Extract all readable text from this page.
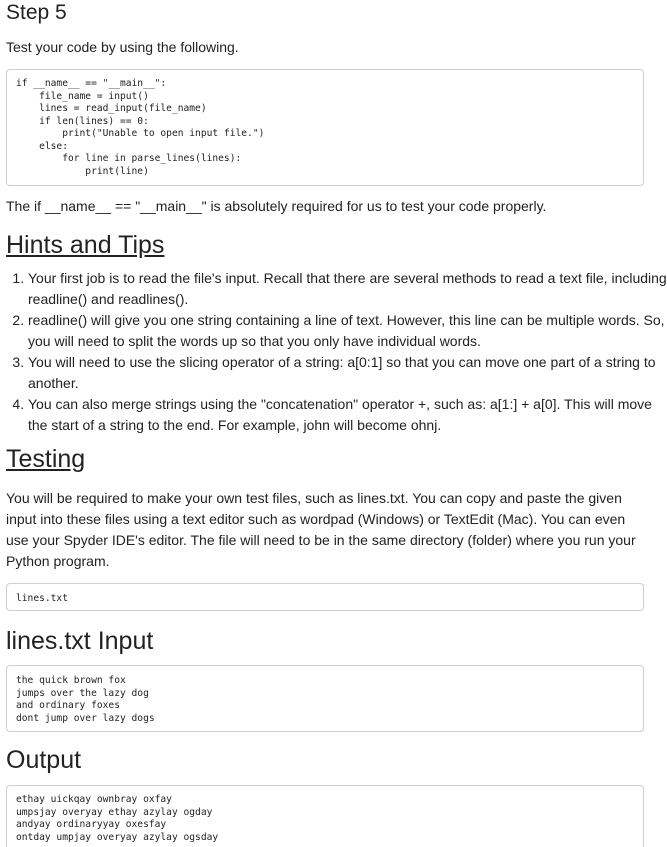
Step 5

Test your code by using the following.

if __name__ == "__main__":
file_name = input()
lines = read_input(file_name)
if len(lines) == 0:
print("Unable to open input file.")
else:
for line in parse_lines(lines):
print(line)

The if __name__ == "__main__" is absolutely required for us to test your code properly.

Hints and Tips
1. Your first job is to read the file's input. Recall that there are several methods to read a text file, including readline() and readlines().
2. readline() will give you one string containing a line of text. However, this line can be multiple words. So, you will need to split the words up so that you only have individual words.
3. You will need to use the slicing operator of a string: a[0:1] so that you can move one part of a string to another.
4. You can also merge strings using the "concatenation" operator +, such as: a[1:] + a[0]. This will move the start of a string to the end. For example, john will become ohnj.
Testing

You will be required to make your own test files, such as lines.txt. You can copy and paste the given input into these files using a text editor such as wordpad (Windows) or TextEdit (Mac). You can even use your Spyder IDE's editor. The file will need to be in the same directory (folder) where you run your Python program.

lines.txt
lines.txt Input
the quick brown fox
jumps over the lazy dog
and ordinary foxes
dont jump over lazy dogs
Output
ethay uickqay ownbray oxfay
umpsjay overyay ethay azylay ogday
andyay ordinaryyay oxesfay
ontday umpjay overyay azylay ogsday
